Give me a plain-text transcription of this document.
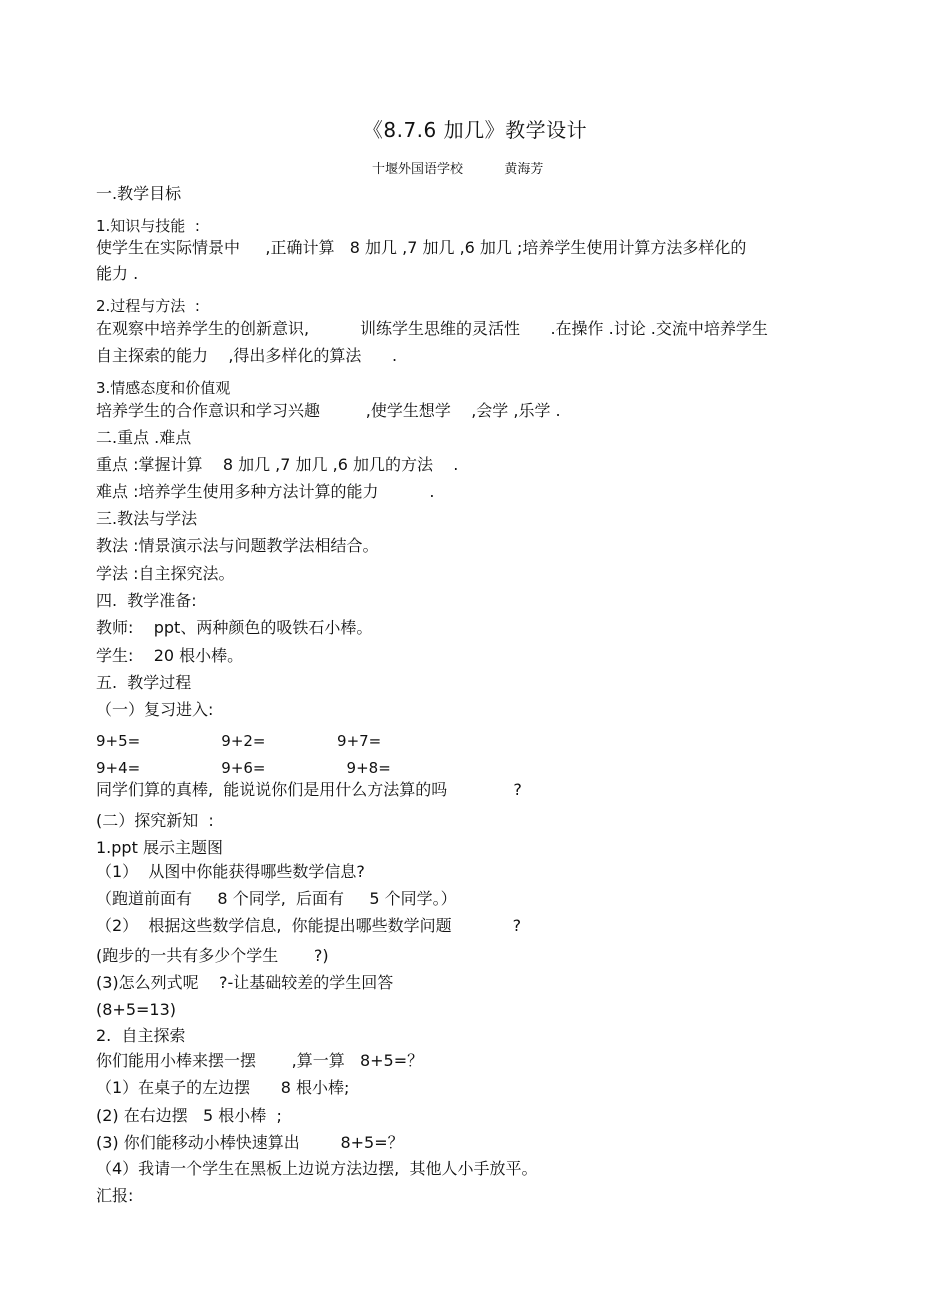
《8.7.6 加几》教学设计
十堰外国语学校          黄海芳
一.教学目标
1.知识与技能  :
使学生在实际情景中     ,正确计算   8 加几 ,7 加几 ,6 加几 ;培养学生使用计算方法多样化的
能力 .
2.过程与方法  :
在观察中培养学生的创新意识,          训练学生思维的灵活性      .在操作 .讨论 .交流中培养学生
自主探索的能力    ,得出多样化的算法      .
3.情感态度和价值观
培养学生的合作意识和学习兴趣         ,使学生想学    ,会学 ,乐学 .
二.重点 .难点
重点 :掌握计算    8 加几 ,7 加几 ,6 加几的方法    .
难点 :培养学生使用多种方法计算的能力          .
三.教法与学法
教法 :情景演示法与问题教学法相结合。
学法 :自主探究法。
四.  教学准备:
教师:    ppt、两种颜色的吸铁石小棒。
学生:    20 根小棒。
五.  教学过程
（一）复习进入:
9+5=                 9+2=               9+7=
9+4=                 9+6=                 9+8=
同学们算的真棒,  能说说你们是用什么方法算的吗             ?
(二）探究新知  :
1.ppt 展示主题图
（1）  从图中你能获得哪些数学信息?
（跑道前面有     8 个同学,  后面有     5 个同学。）
（2）  根据这些数学信息,  你能提出哪些数学问题            ?
(跑步的一共有多少个学生       ?)
(3)怎么列式呢    ?-让基础较差的学生回答
(8+5=13)
2.  自主探索
你们能用小棒来摆一摆       ,算一算   8+5=？
（1）在桌子的左边摆      8 根小棒;
(2) 在右边摆   5 根小棒  ;
(3) 你们能移动小棒快速算出        8+5=？
（4）我请一个学生在黑板上边说方法边摆,  其他人小手放平。
汇报:
